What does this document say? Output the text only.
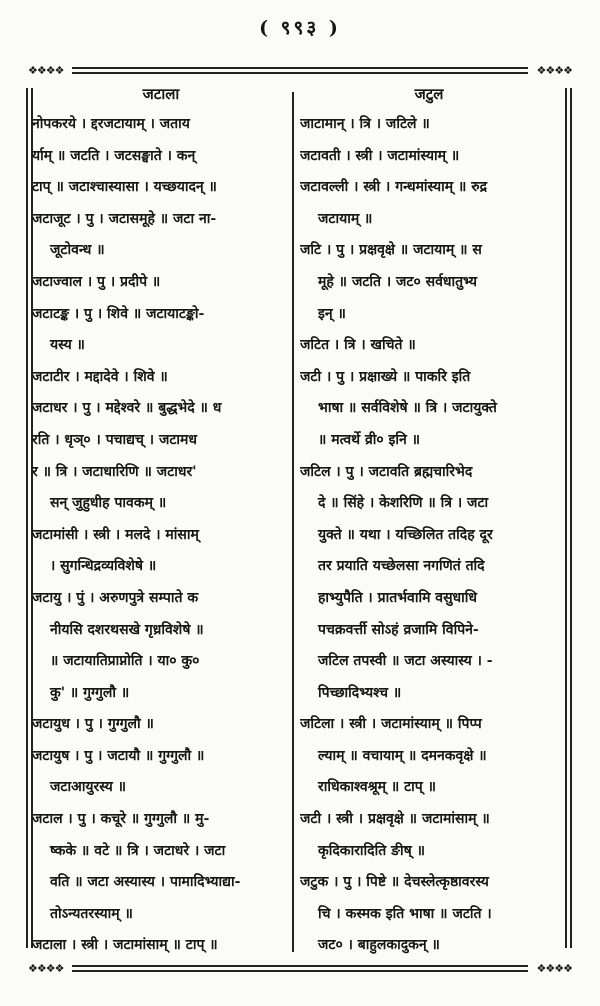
( ९९३ )
❖❖❖❖	❖❖❖❖
जटाला
नोपकरये । द्दरजटायाम् । जताय
र्याम् ॥ जटति । जटसङ्घाते । कन्
टाप् ॥ जटाश्चास्यासा । यच्छयादन् ॥
जटाजूट । पु । जटासमूहे ॥ जटा ना-
जूटोवन्ध ॥
जटाज्वाल । पु । प्रदीपे ॥
जटाटङ्क । पु । शिवे ॥ जटायाटङ्को-
यस्य ॥
जटाटीर । मद्दादेवे । शिवे ॥
जटाधर । पु । मद्देश्वरे ॥ बुद्धभेदे ॥ ध
रति । धृञ्० । पचाद्यच् । जटामध
र ॥ त्रि । जटाधारिणि ॥ जटाधर'
सन् जुहुधीह पावकम् ॥
जटामांसी । स्त्री । मलदे । मांसाम्
। सुगन्धिद्रव्यविशेषे ॥
जटायु । पुं । अरुणपुत्रे सम्पाते क
नीयसि दशरथसखे गृध्रविशेषे ॥
॥ जटायातिप्राप्नोति । या० कु०
कु' ॥ गुग्गुलौ ॥
जटायुध । पु । गुग्गुलौ ॥
जटायुष । पु । जटायौ ॥ गुग्गुलौ ॥
जटाआयुरस्य ॥
जटाल । पु । कचूरे ॥ गुग्गुलौ ॥ मु-
ष्कके ॥ वटे ॥ त्रि । जटाधरे । जटा
वति ॥ जटा अस्यास्य । पामादिभ्याद्या-
तोऽन्यतरस्याम् ॥
जटाला । स्त्री । जटामांसाम् ॥ टाप् ॥
जटुल
जाटामान् । त्रि । जटिले ॥
जटावती । स्त्री । जटामांस्याम् ॥
जटावल्ली । स्त्री । गन्धमांस्याम् ॥ रुद्र
जटायाम् ॥
जटि । पु । प्रक्षवृक्षे ॥ जटायाम् ॥ स
मूहे ॥ जटति । जट० सर्वधातुभ्य
इन् ॥
जटित । त्रि । खचिते ॥
जटी । पु । प्रक्षाख्ये ॥ पाकरि इति
भाषा ॥ सर्वविशेषे ॥ त्रि । जटायुक्ते
॥ मत्वर्थे व्री० इनि ॥
जटिल । पु । जटावति ब्रह्मचारिभेद
दे ॥ सिंहे । केशरिणि ॥ त्रि । जटा
युक्ते ॥ यथा । यच्छिलित तदिह दूर
तर प्रयाति यच्छेलसा नगणितं तदि
हाभ्युपैति । प्रातर्भवामि वसुधाधि
पचक्रवर्त्ती सोऽहं व्रजामि विपिने-
जटिल तपस्वी ॥ जटा अस्यास्य । -
पिच्छादिभ्यश्च ॥
जटिला । स्त्री । जटामांस्याम् ॥ पिप्प
ल्याम् ॥ वचायाम् ॥ दमनकवृक्षे ॥
राधिकाश्वश्रूम् ॥ टाप् ॥
जटी । स्त्री । प्रक्षवृक्षे ॥ जटामांसाम् ॥
कृदिकारादिति ङीष् ॥
जटुक । पु । पिष्टे ॥ देचस्लेत्कृष्ठावरस्य
चि । कस्मक इति भाषा ॥ जटति ।
जट० । बाहुलकादुकन् ॥
❖❖❖❖	❖❖❖❖
